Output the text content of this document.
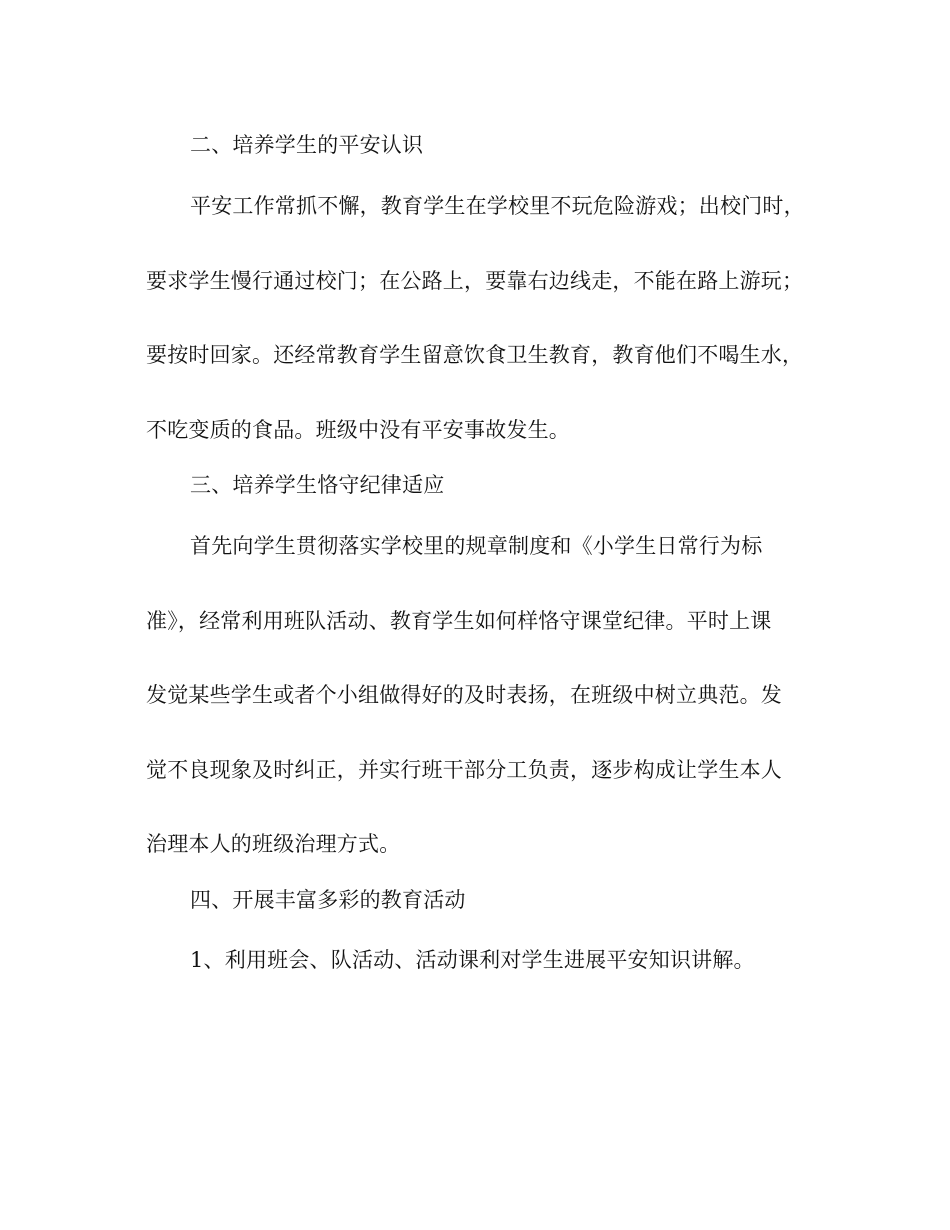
二、培养学生的平安认识
平安工作常抓不懈，教育学生在学校里不玩危险游戏；出校门时，
要求学生慢行通过校门；在公路上，要靠右边线走，不能在路上游玩；
要按时回家。还经常教育学生留意饮食卫生教育，教育他们不喝生水，
不吃变质的食品。班级中没有平安事故发生。
三、培养学生恪守纪律适应
首先向学生贯彻落实学校里的规章制度和《小学生日常行为标
准》，经常利用班队活动、教育学生如何样恪守课堂纪律。平时上课
发觉某些学生或者个小组做得好的及时表扬，在班级中树立典范。发
觉不良现象及时纠正，并实行班干部分工负责，逐步构成让学生本人
治理本人的班级治理方式。
四、开展丰富多彩的教育活动
1、利用班会、队活动、活动课利对学生进展平安知识讲解。
